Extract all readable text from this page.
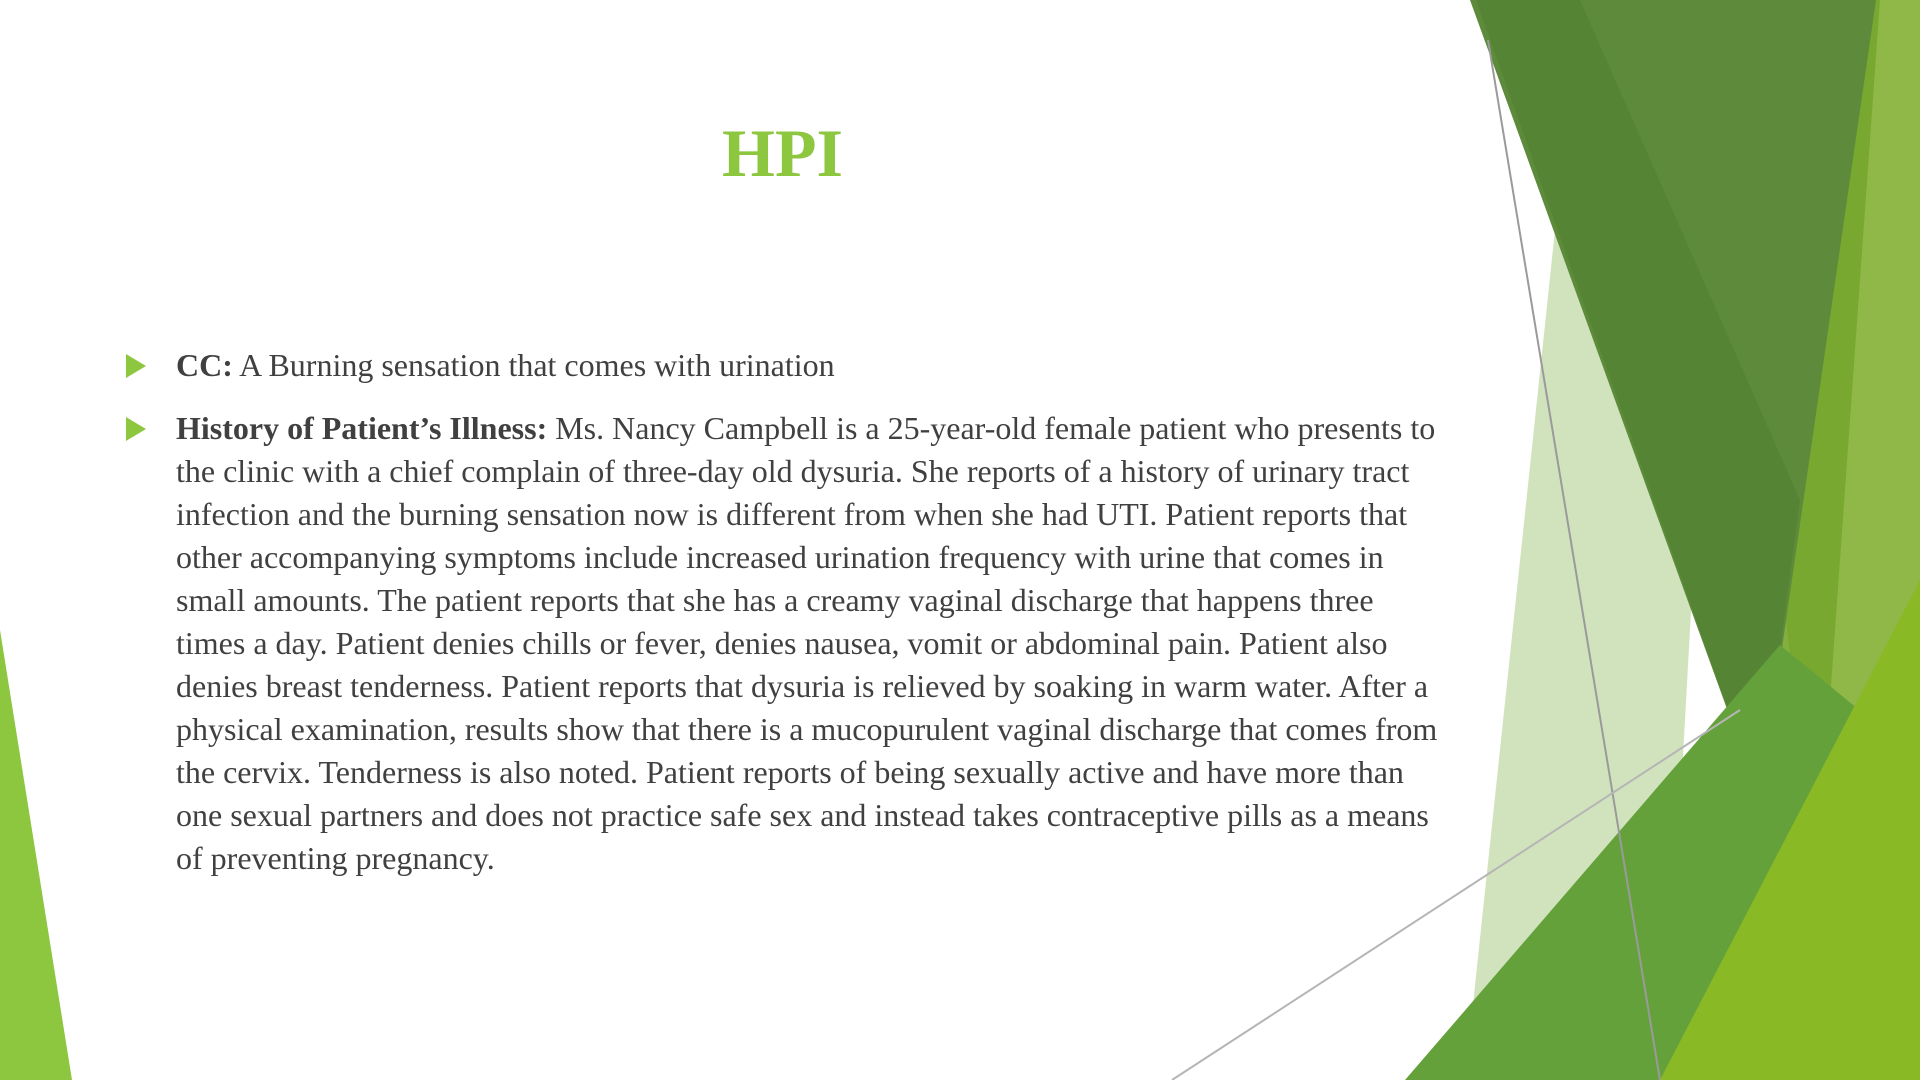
HPI
CC: A Burning sensation that comes with urination
History of Patient’s Illness: Ms. Nancy Campbell is a 25-year-old female patient who presents to the clinic with a chief complain of three-day old dysuria. She reports of a history of urinary tract infection and the burning sensation now is different from when she had UTI. Patient reports that other accompanying symptoms include increased urination frequency with urine that comes in small amounts. The patient reports that she has a creamy vaginal discharge that happens three times a day. Patient denies chills or fever, denies nausea, vomit or abdominal pain. Patient also denies breast tenderness. Patient reports that dysuria is relieved by soaking in warm water. After a physical examination, results show that there is a mucopurulent vaginal discharge that comes from the cervix. Tenderness is also noted. Patient reports of being sexually active and have more than one sexual partners and does not practice safe sex and instead takes contraceptive pills as a means of preventing pregnancy.
